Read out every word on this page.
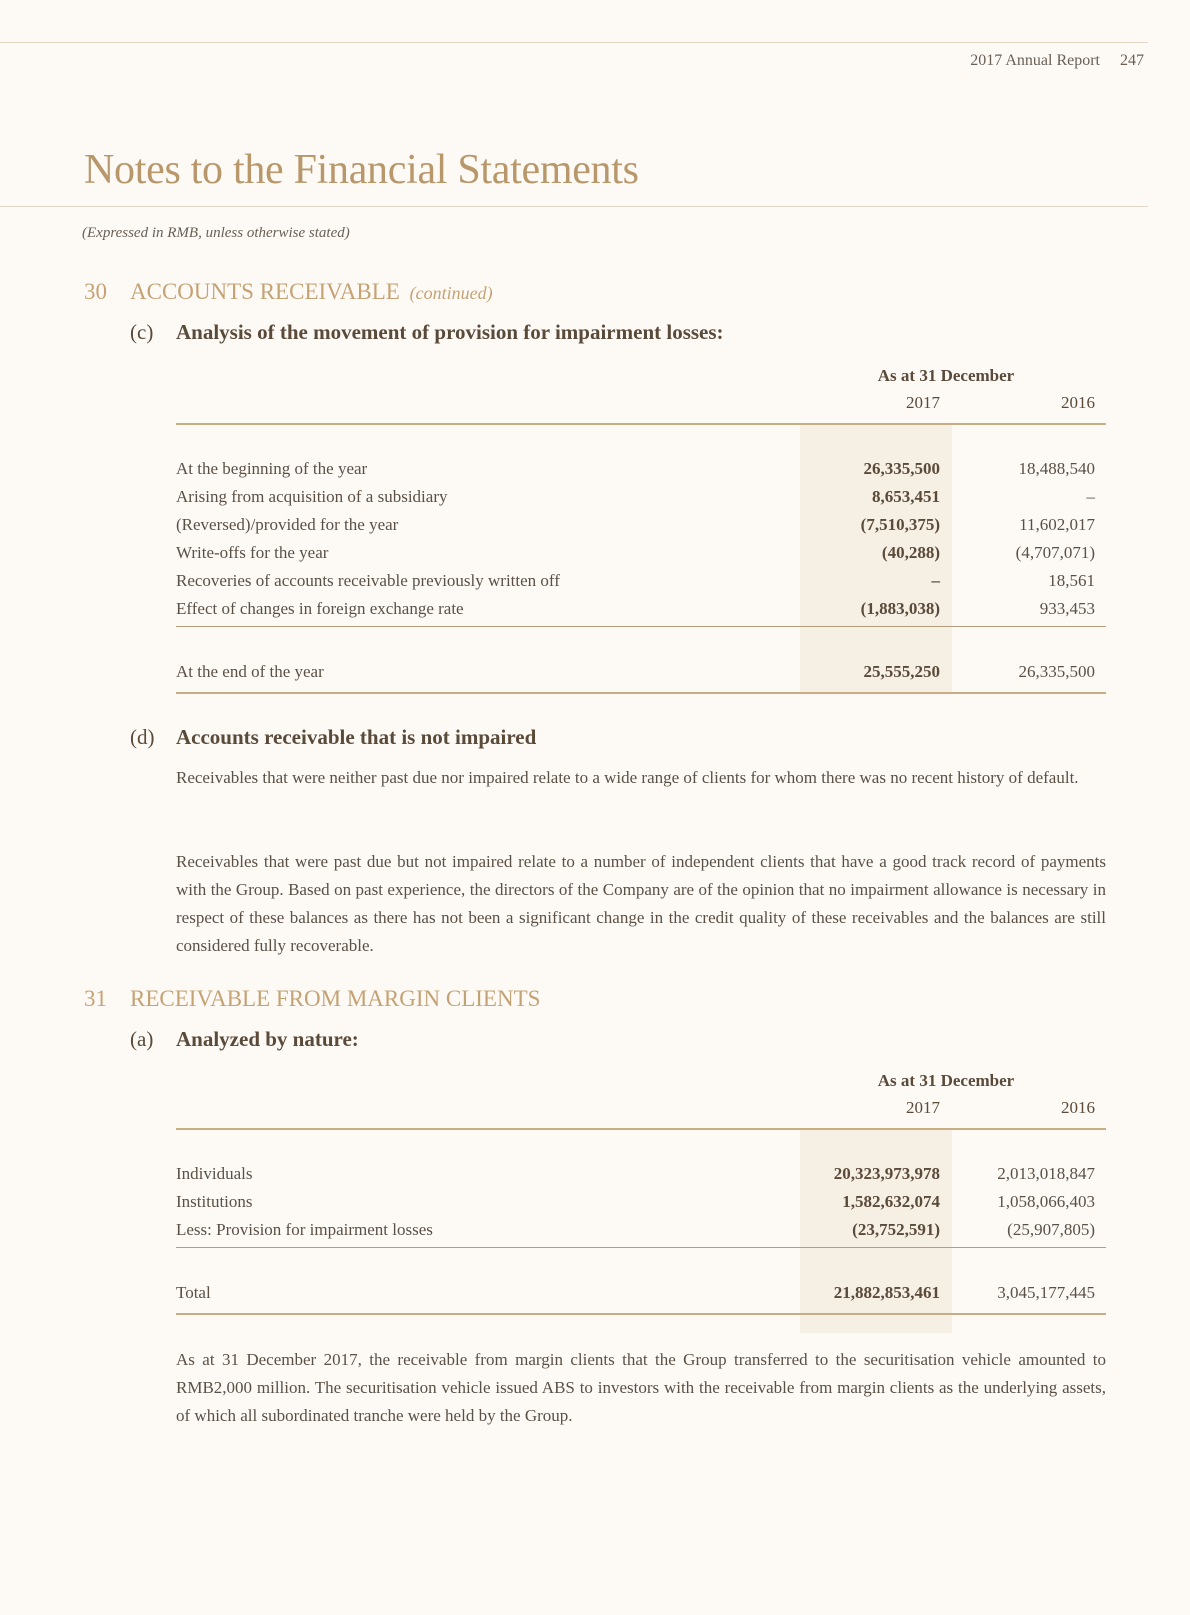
2017 Annual Report 247
Notes to the Financial Statements
(Expressed in RMB, unless otherwise stated)
30 ACCOUNTS RECEIVABLE (continued)
(c) Analysis of the movement of provision for impairment losses:
As at 31 December
2017	2016
At the beginning of the year	26,335,500	18,488,540
Arising from acquisition of a subsidiary	8,653,451	–
(Reversed)/provided for the year	(7,510,375)	11,602,017
Write-offs for the year	(40,288)	(4,707,071)
Recoveries of accounts receivable previously written off	–	18,561
Effect of changes in foreign exchange rate	(1,883,038)	933,453
At the end of the year	25,555,250	26,335,500
(d) Accounts receivable that is not impaired

Receivables that were neither past due nor impaired relate to a wide range of clients for whom there was no recent history of default.

Receivables that were past due but not impaired relate to a number of independent clients that have a good track record of payments with the Group. Based on past experience, the directors of the Company are of the opinion that no impairment allowance is necessary in respect of these balances as there has not been a significant change in the credit quality of these receivables and the balances are still considered fully recoverable.

31 RECEIVABLE FROM MARGIN CLIENTS
(a) Analyzed by nature:
As at 31 December
2017	2016
Individuals	20,323,973,978	2,013,018,847
Institutions	1,582,632,074	1,058,066,403
Less: Provision for impairment losses	(23,752,591)	(25,907,805)
Total	21,882,853,461	3,045,177,445

As at 31 December 2017, the receivable from margin clients that the Group transferred to the securitisation vehicle amounted to RMB2,000 million. The securitisation vehicle issued ABS to investors with the receivable from margin clients as the underlying assets, of which all subordinated tranche were held by the Group.
